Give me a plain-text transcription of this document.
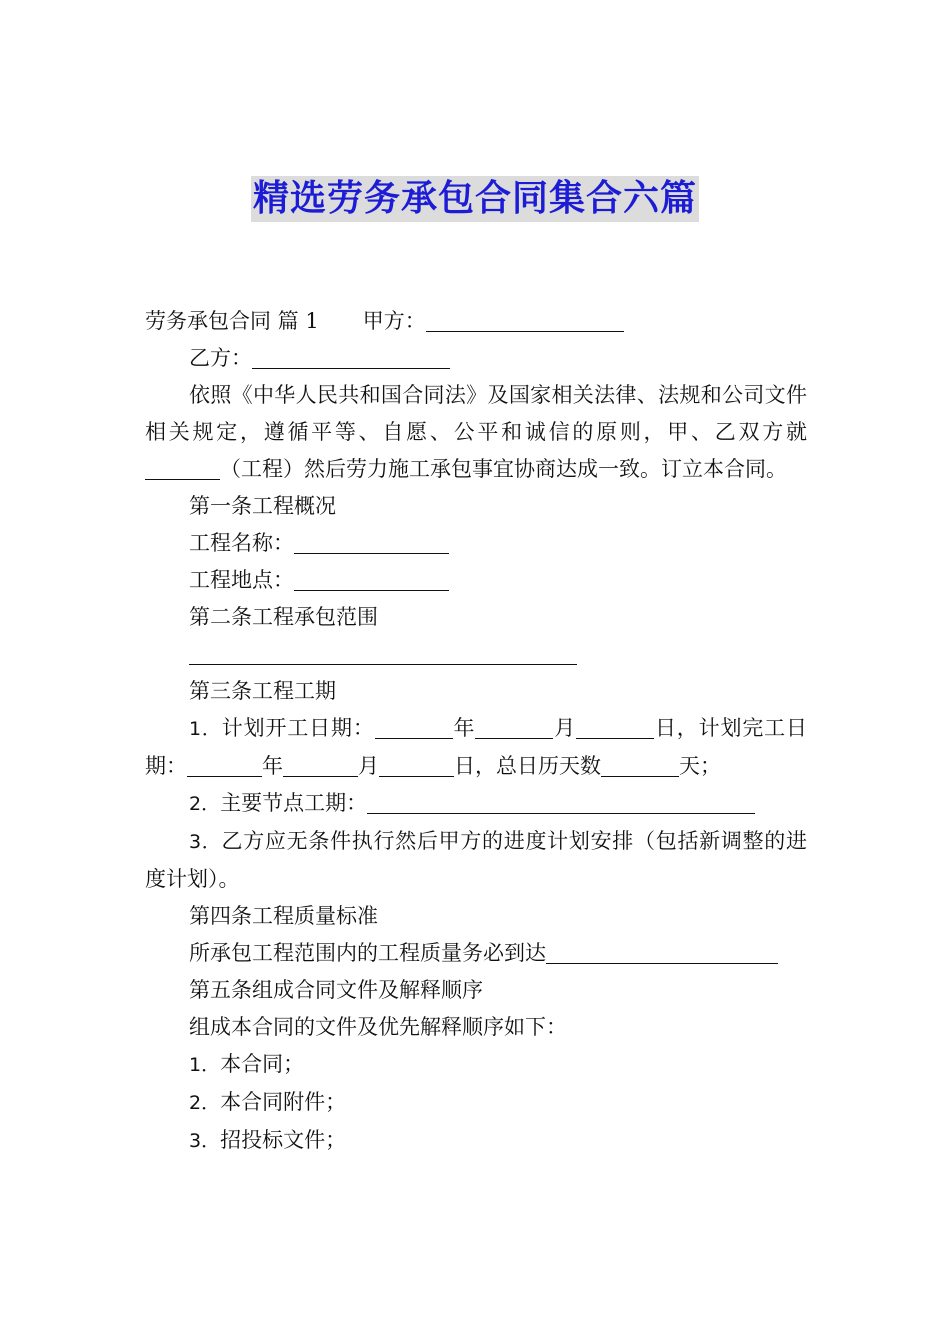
精选劳务承包合同集合六篇

劳务承包合同 篇 1 甲方：

乙方：

依照《中华人民共和国合同法》及国家相关法律、法规和公司文件相关规定，遵循平等、自愿、公平和诚信的原则，甲、乙双方就（工程）然后劳力施工承包事宜协商达成一致。订立本合同。

第一条工程概况

工程名称：

工程地点：

第二条工程承包范围

第三条工程工期

1．计划开工日期：	年	月	日，计划完工日期：	年	月	日，总日历天数	天；

2．主要节点工期：

3．乙方应无条件执行然后甲方的进度计划安排（包括新调整的进度计划）。

第四条工程质量标准

所承包工程范围内的工程质量务必到达

第五条组成合同文件及解释顺序

组成本合同的文件及优先解释顺序如下：

1．本合同；

2．本合同附件；

3．招投标文件；
